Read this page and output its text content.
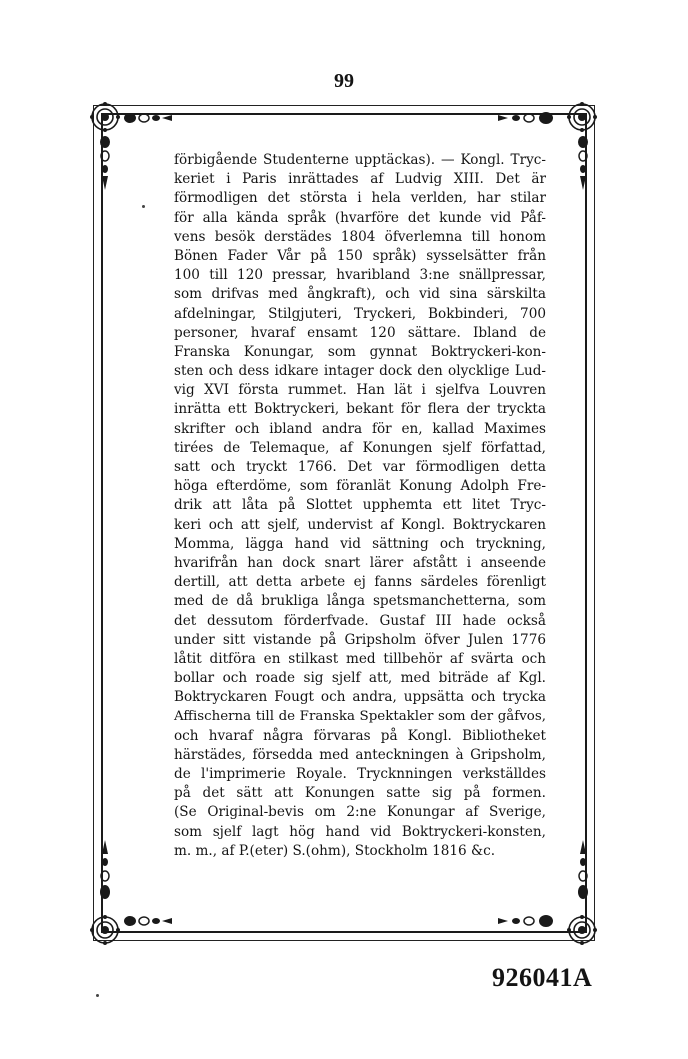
99
förbigående Studenterne upptäckas). — Kongl. Tryc-
keriet i Paris inrättades af Ludvig XIII. Det är
förmodligen det största i hela verlden, har stilar
för alla kända språk (hvarföre det kunde vid Påf-
vens besök derstädes 1804 öfverlemna till honom
Bönen Fader Vår på 150 språk) sysselsätter från
100 till 120 pressar, hvaribland 3:ne snällpressar,
som drifvas med ångkraft), och vid sina särskilta
afdelningar, Stilgjuteri, Tryckeri, Bokbinderi, 700
personer, hvaraf ensamt 120 sättare. Ibland de
Franska Konungar, som gynnat Boktryckeri-kon-
sten och dess idkare intager dock den olycklige Lud-
vig XVI första rummet. Han lät i sjelfva Louvren
inrätta ett Boktryckeri, bekant för flera der tryckta
skrifter och ibland andra för en, kallad Maximes
tirées de Telemaque, af Konungen sjelf författad,
satt och tryckt 1766. Det var förmodligen detta
höga efterdöme, som föranlät Konung Adolph Fre-
drik att låta på Slottet upphemta ett litet Tryc-
keri och att sjelf, undervist af Kongl. Boktryckaren
Momma, lägga hand vid sättning och tryckning,
hvarifrån han dock snart lärer afstått i anseende
dertill, att detta arbete ej fanns särdeles förenligt
med de då brukliga långa spetsmanchetterna, som
det dessutom förderfvade. Gustaf III hade också
under sitt vistande på Gripsholm öfver Julen 1776
låtit ditföra en stilkast med tillbehör af svärta och
bollar och roade sig sjelf att, med biträde af Kgl.
Boktryckaren Fougt och andra, uppsätta och trycka
Affischerna till de Franska Spektakler som der gåfvos,
och hvaraf några förvaras på Kongl. Bibliotheket
härstädes, försedda med anteckningen à Gripsholm,
de l'imprimerie Royale. Trycknningen verkställdes
på det sätt att Konungen satte sig på formen.
(Se Original-bevis om 2:ne Konungar af Sverige,
som sjelf lagt hög hand vid Boktryckeri-konsten,
m. m., af P.(eter) S.(ohm), Stockholm 1816 &c.
926041A
